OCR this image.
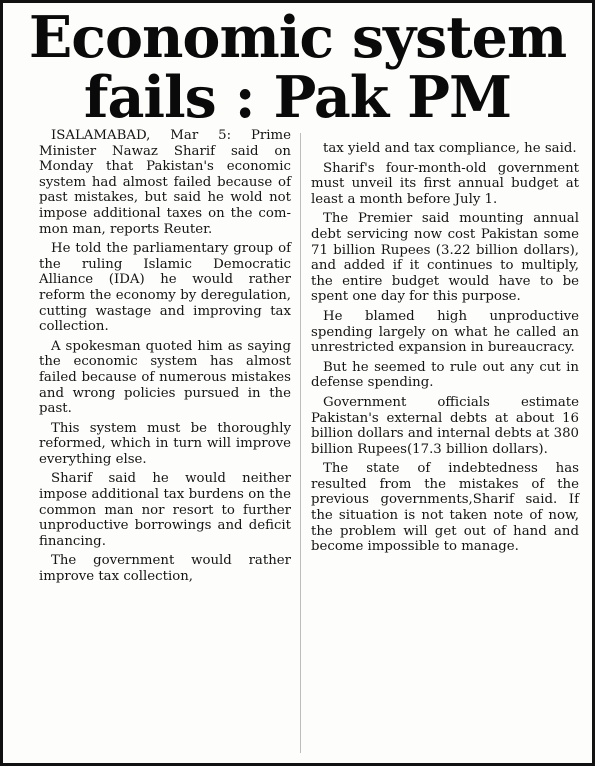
Economic system
fails : Pak PM

ISALAMABAD, Mar 5: Prime Minister Nawaz Sharif said on Monday that Pakistan's economic system had almost failed because of past mistakes, but said he wold not impose additional taxes on the common man, reports Reuter.

He told the parliamentary group of the ruling Islamic Democratic Alliance (IDA) he would rather reform the economy by deregulation, cutting wastage and improving tax collection.

A spokesman quoted him as saying the economic system has almost failed because of numerous mistakes and wrong policies pursued in the past.

This system must be thoroughly reformed, which in turn will improve everything else.

Sharif said he would neither impose additional tax burdens on the common man nor resort to further unproductive borrowings and deficit financing.

The government would rather improve tax collection,

tax yield and tax compliance, he said.

Sharif's four-month-old government must unveil its first annual budget at least a month before July 1.

The Premier said mounting annual debt servicing now cost Pakistan some 71 billion Rupees (3.22 billion dollars), and added if it continues to multiply, the entire budget would have to be spent one day for this purpose.

He blamed high unproductive spending largely on what he called an unrestricted expansion in bureaucracy.

But he seemed to rule out any cut in defense spending.

Government officials estimate Pakistan's external debts at about 16 billion dollars and internal debts at 380 billion Rupees(17.3 billion dollars).

The state of indebtedness has resulted from the mistakes of the previous governments,Sharif said. If the situation is not taken note of now, the problem will get out of hand and become impossible to manage.
